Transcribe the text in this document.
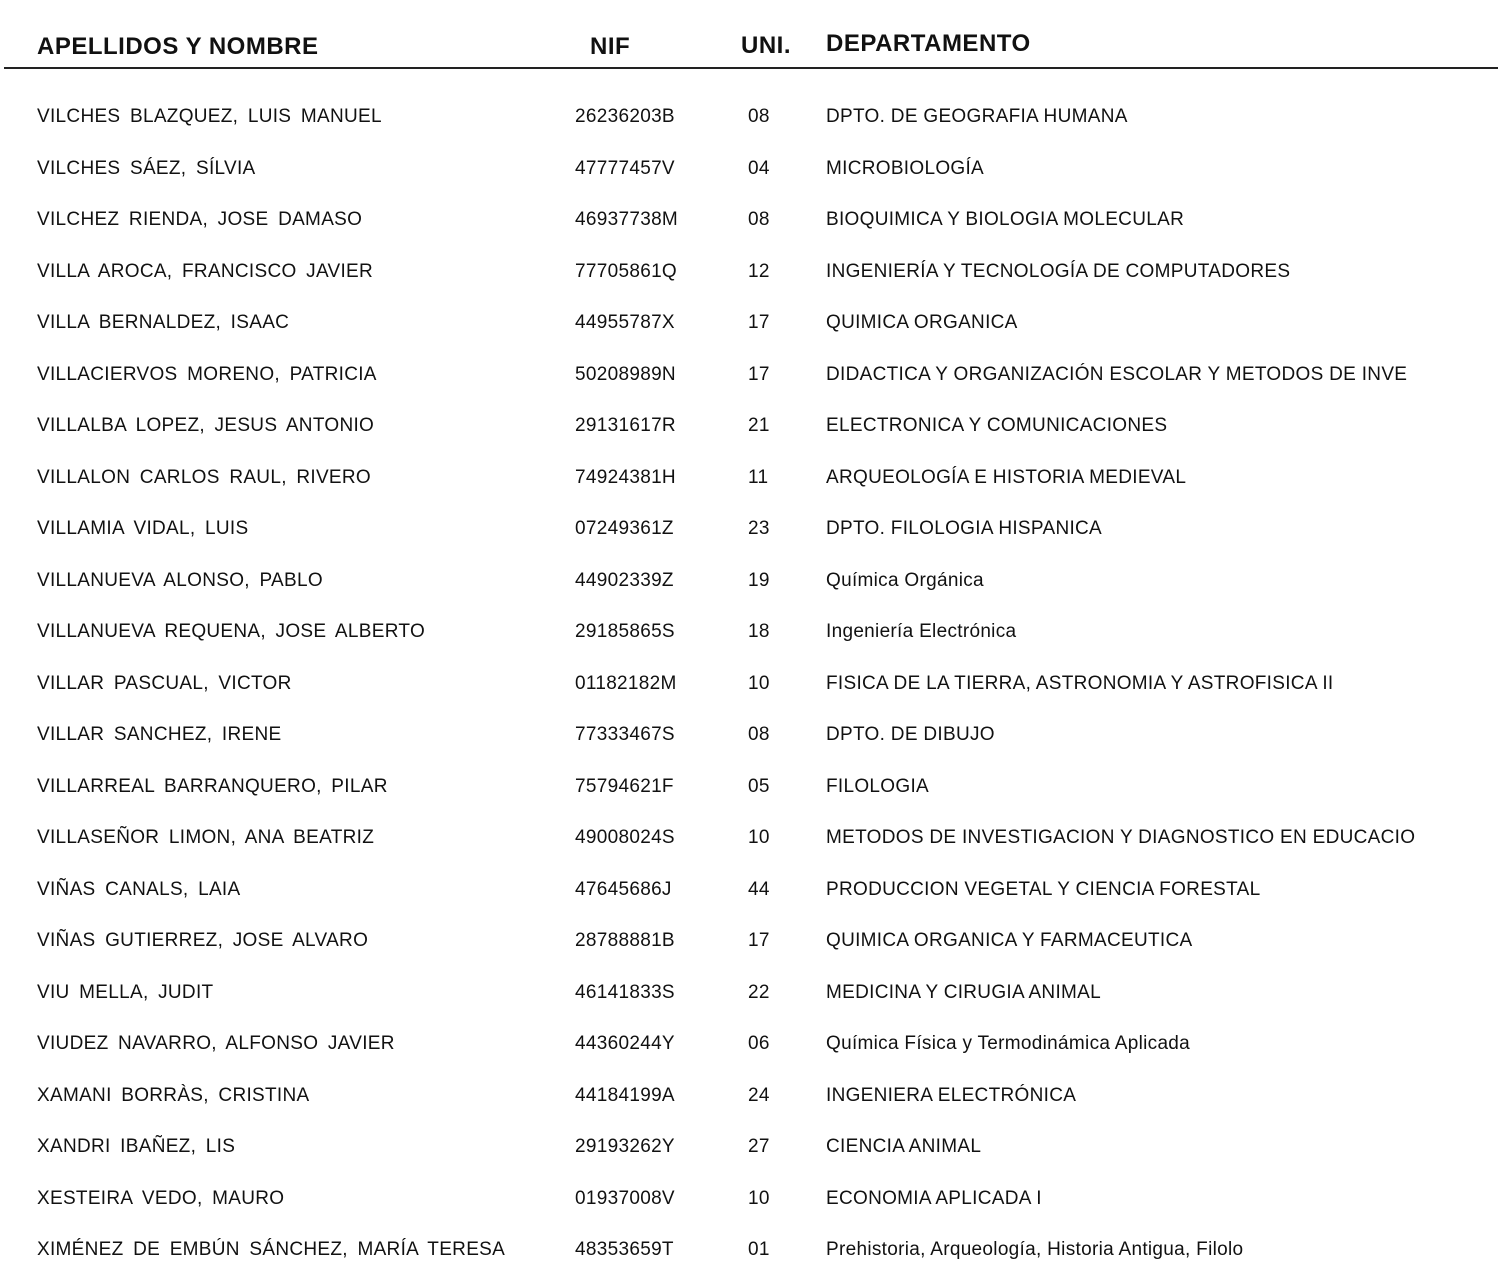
APELLIDOS Y NOMBRE	NIF	UNI. DEPARTAMENTO
VILCHES BLAZQUEZ, LUIS MANUEL	26236203B	08	DPTO. DE GEOGRAFIA HUMANA
VILCHES SÁEZ, SÍLVIA	47777457V	04	MICROBIOLOGÍA
VILCHEZ RIENDA, JOSE DAMASO	46937738M	08	BIOQUIMICA Y BIOLOGIA MOLECULAR
VILLA AROCA, FRANCISCO JAVIER	77705861Q	12	INGENIERÍA Y TECNOLOGÍA DE COMPUTADORES
VILLA BERNALDEZ, ISAAC	44955787X	17	QUIMICA ORGANICA
VILLACIERVOS MORENO, PATRICIA	50208989N	17	DIDACTICA Y ORGANIZACIÓN ESCOLAR Y METODOS DE INVE
VILLALBA LOPEZ, JESUS ANTONIO	29131617R	21	ELECTRONICA Y COMUNICACIONES
VILLALON CARLOS RAUL, RIVERO	74924381H	11	ARQUEOLOGÍA E HISTORIA MEDIEVAL
VILLAMIA VIDAL, LUIS	07249361Z	23	DPTO. FILOLOGIA HISPANICA
VILLANUEVA ALONSO, PABLO	44902339Z	19	Química Orgánica
VILLANUEVA REQUENA, JOSE ALBERTO	29185865S	18	Ingeniería Electrónica
VILLAR PASCUAL, VICTOR	01182182M	10	FISICA DE LA TIERRA, ASTRONOMIA Y ASTROFISICA II
VILLAR SANCHEZ, IRENE	77333467S	08	DPTO. DE DIBUJO
VILLARREAL BARRANQUERO, PILAR	75794621F	05	FILOLOGIA
VILLASEÑOR LIMON, ANA BEATRIZ	49008024S	10	METODOS DE INVESTIGACION Y DIAGNOSTICO EN EDUCACIO
VIÑAS CANALS, LAIA	47645686J	44	PRODUCCION VEGETAL Y CIENCIA FORESTAL
VIÑAS GUTIERREZ, JOSE ALVARO	28788881B	17	QUIMICA ORGANICA Y FARMACEUTICA
VIU MELLA, JUDIT	46141833S	22	MEDICINA Y CIRUGIA ANIMAL
VIUDEZ NAVARRO, ALFONSO JAVIER	44360244Y	06	Química Física y Termodinámica Aplicada
XAMANI BORRÀS, CRISTINA	44184199A	24	INGENIERA ELECTRÓNICA
XANDRI IBAÑEZ, LIS	29193262Y	27	CIENCIA ANIMAL
XESTEIRA VEDO, MAURO	01937008V	10	ECONOMIA APLICADA I
XIMÉNEZ DE EMBÚN SÁNCHEZ, MARÍA TERESA	48353659T	01	Prehistoria, Arqueología, Historia Antigua, Filolo
